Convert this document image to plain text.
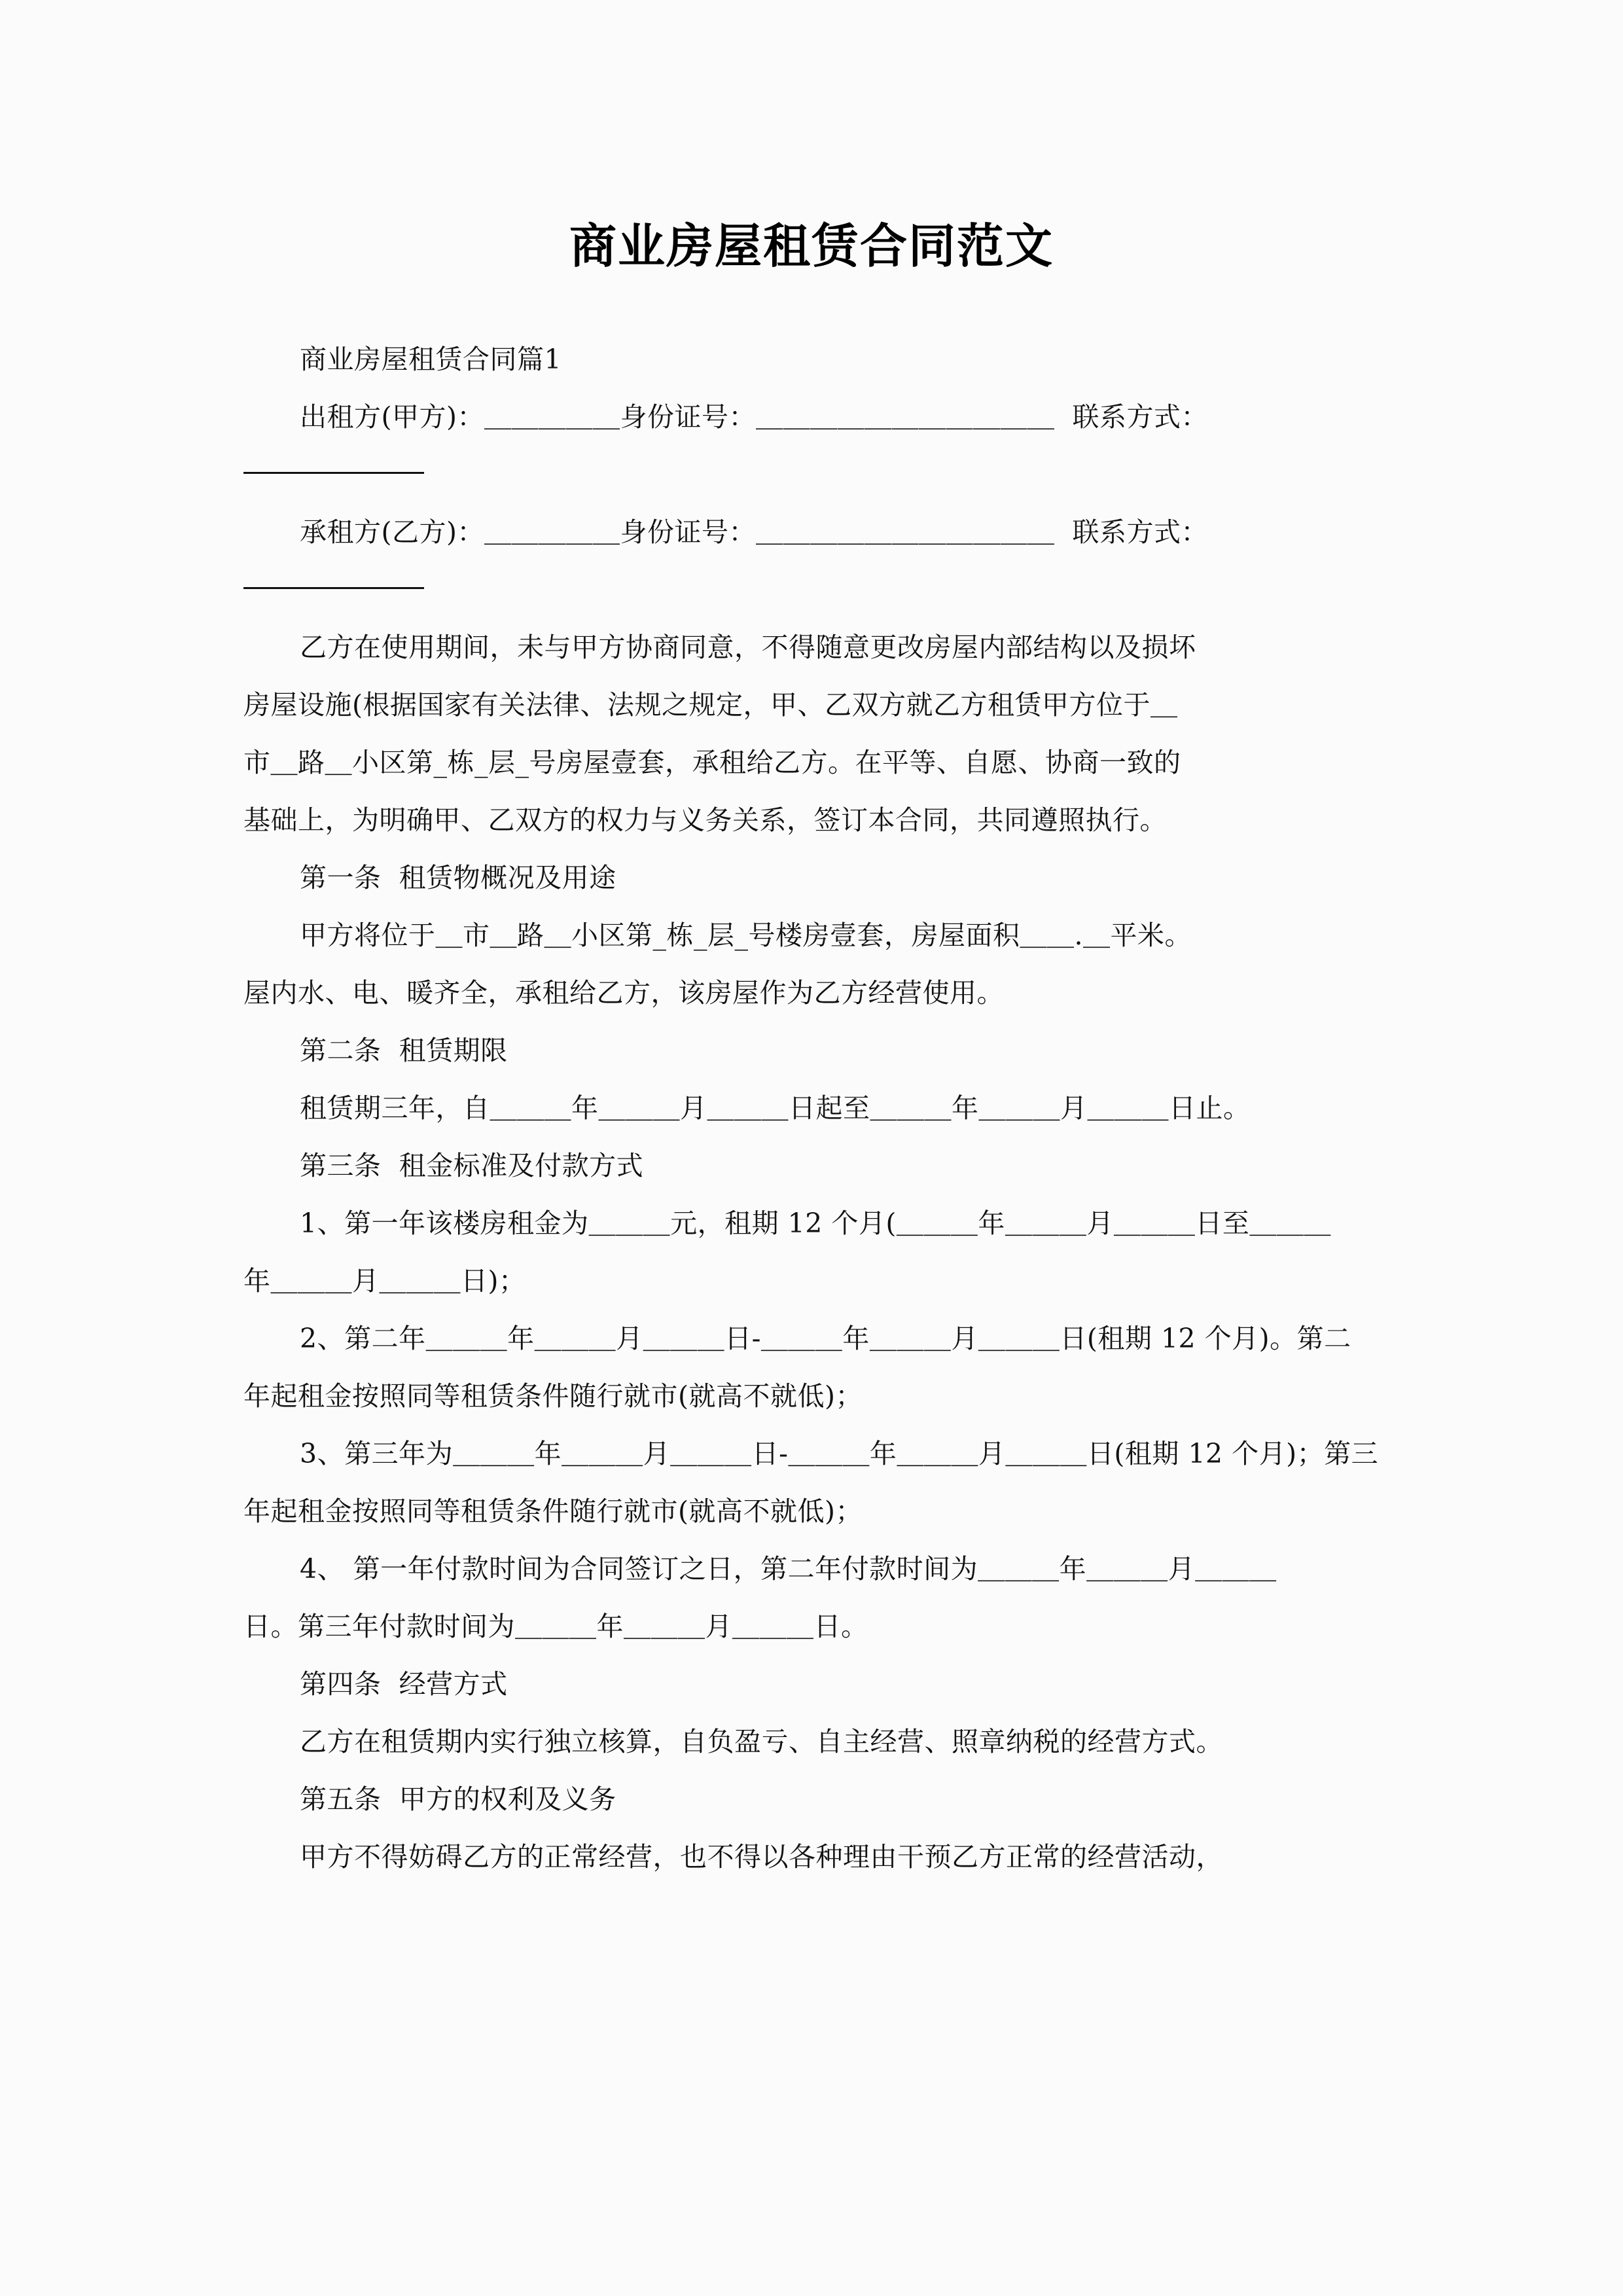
商业房屋租赁合同范文
商业房屋租赁合同篇1
出租方(甲方)：＿＿＿＿＿身份证号：＿＿＿＿＿＿＿＿＿＿＿  联系方式：
承租方(乙方)：＿＿＿＿＿身份证号：＿＿＿＿＿＿＿＿＿＿＿  联系方式：
乙方在使用期间，未与甲方协商同意，不得随意更改房屋内部结构以及损坏
房屋设施(根据国家有关法律、法规之规定，甲、乙双方就乙方租赁甲方位于＿
市＿路＿小区第_栋_层_号房屋壹套，承租给乙方。在平等、自愿、协商一致的
基础上，为明确甲、乙双方的权力与义务关系，签订本合同，共同遵照执行。
第一条  租赁物概况及用途
甲方将位于＿市＿路＿小区第_栋_层_号楼房壹套，房屋面积＿＿.＿平米。
屋内水、电、暖齐全，承租给乙方，该房屋作为乙方经营使用。
第二条  租赁期限
租赁期三年，自＿＿＿年＿＿＿月＿＿＿日起至＿＿＿年＿＿＿月＿＿＿日止。
第三条  租金标准及付款方式
1、第一年该楼房租金为＿＿＿元，租期 12 个月(＿＿＿年＿＿＿月＿＿＿日至＿＿＿
年＿＿＿月＿＿＿日)；
2、第二年＿＿＿年＿＿＿月＿＿＿日-＿＿＿年＿＿＿月＿＿＿日(租期 12 个月)。第二
年起租金按照同等租赁条件随行就市(就高不就低)；
3、第三年为＿＿＿年＿＿＿月＿＿＿日-＿＿＿年＿＿＿月＿＿＿日(租期 12 个月)；第三
年起租金按照同等租赁条件随行就市(就高不就低)；
4、 第一年付款时间为合同签订之日，第二年付款时间为＿＿＿年＿＿＿月＿＿＿
日。第三年付款时间为＿＿＿年＿＿＿月＿＿＿日。
第四条  经营方式
乙方在租赁期内实行独立核算，自负盈亏、自主经营、照章纳税的经营方式。
第五条  甲方的权利及义务
甲方不得妨碍乙方的正常经营，也不得以各种理由干预乙方正常的经营活动，
